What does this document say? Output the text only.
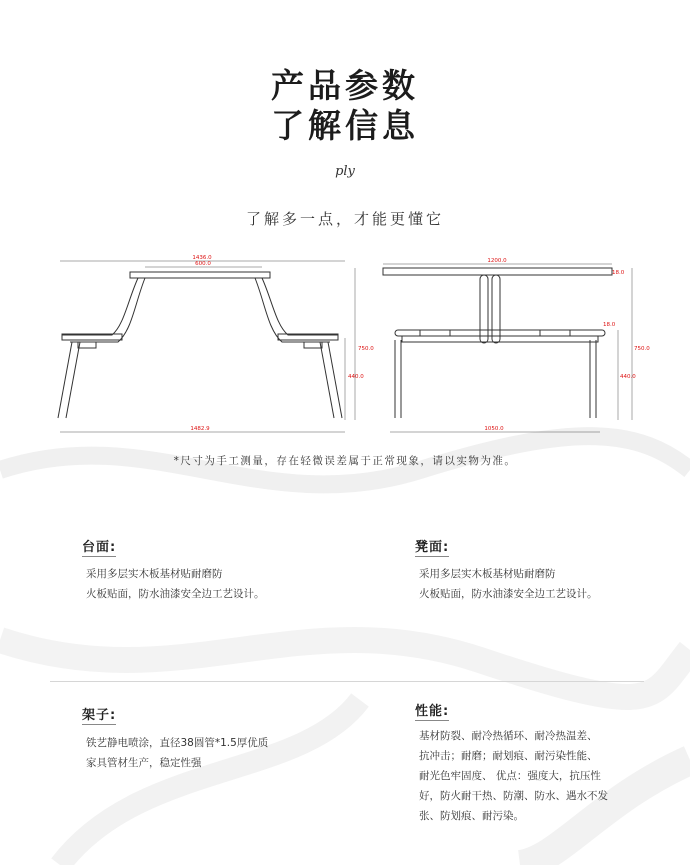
产品参数
了解信息
ply
了解多一点，才能更懂它
1436.0
600.0
1482.9
750.0
440.0
1200.0
1050.0
18.0
18.0
750.0
440.0
*尺寸为手工测量，存在轻微误差属于正常现象，请以实物为准。
台面:
采用多层实木板基材贴耐磨防
火板贴面，防水油漆安全边工艺设计。
凳面:
采用多层实木板基材贴耐磨防
火板贴面，防水油漆安全边工艺设计。
架子:
铁艺静电喷涂，直径38圆管*1.5厚优质
家具管材生产，稳定性强
性能:
基材防裂、耐冷热循环、耐冷热温差、
抗冲击；耐磨；耐划痕、耐污染性能、
耐光色牢固度、 优点：强度大，抗压性
好，防火耐干热、防潮、防水、遇水不发
张、防划痕、耐污染。
